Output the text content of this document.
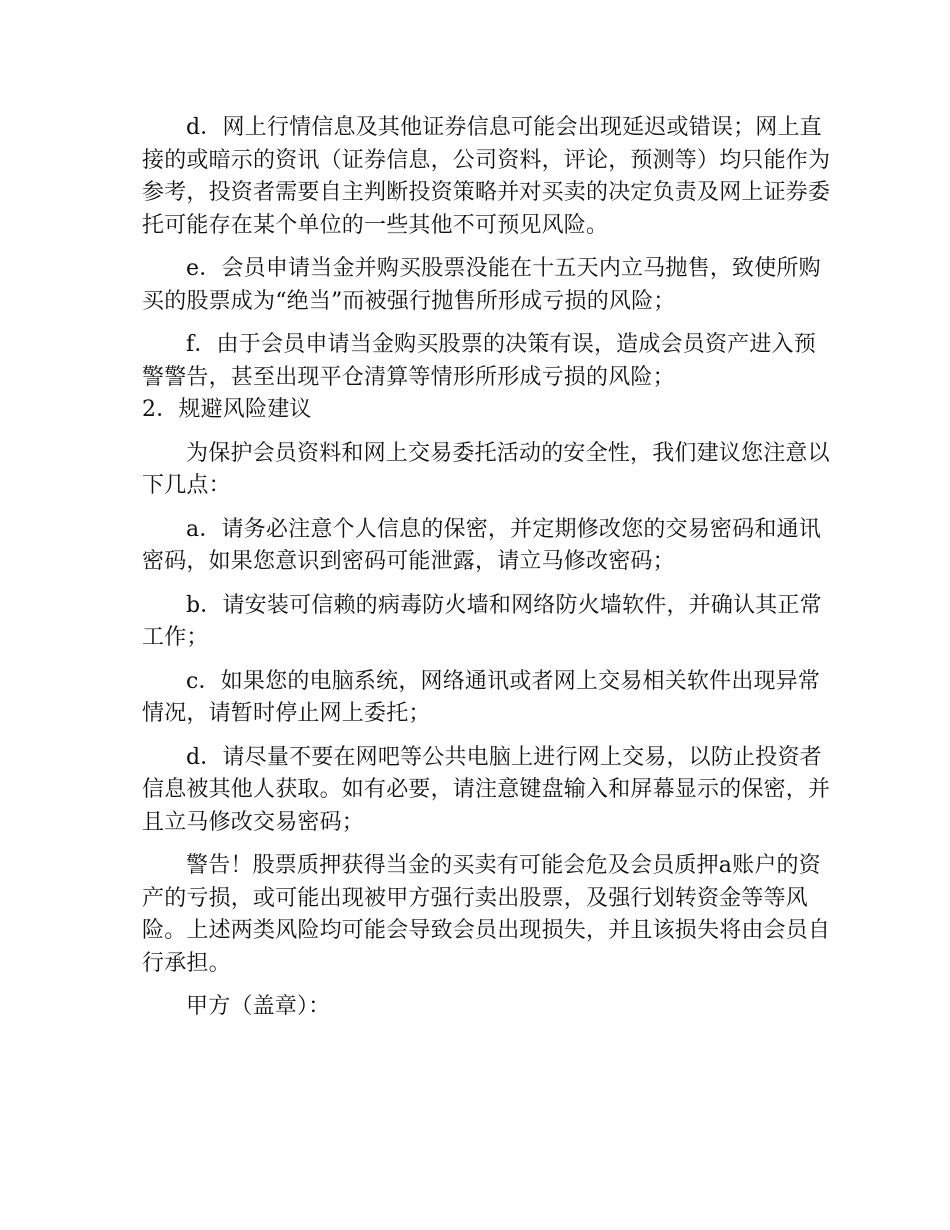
d．网上行情信息及其他证券信息可能会出现延迟或错误；网上直接的或暗示的资讯（证券信息，公司资料，评论，预测等）均只能作为参考，投资者需要自主判断投资策略并对买卖的决定负责及网上证券委托可能存在某个单位的一些其他不可预见风险。

e．会员申请当金并购买股票没能在十五天内立马抛售，致使所购买的股票成为“绝当”而被强行抛售所形成亏损的风险；

f．由于会员申请当金购买股票的决策有误，造成会员资产进入预警警告，甚至出现平仓清算等情形所形成亏损的风险；

2．规避风险建议

为保护会员资料和网上交易委托活动的安全性，我们建议您注意以下几点：

a．请务必注意个人信息的保密，并定期修改您的交易密码和通讯密码，如果您意识到密码可能泄露，请立马修改密码；

b．请安装可信赖的病毒防火墙和网络防火墙软件，并确认其正常工作；

c．如果您的电脑系统，网络通讯或者网上交易相关软件出现异常情况，请暂时停止网上委托；

d．请尽量不要在网吧等公共电脑上进行网上交易，以防止投资者信息被其他人获取。如有必要，请注意键盘输入和屏幕显示的保密，并且立马修改交易密码；

警告！股票质押获得当金的买卖有可能会危及会员质押a账户的资产的亏损，或可能出现被甲方强行卖出股票，及强行划转资金等等风险。上述两类风险均可能会导致会员出现损失，并且该损失将由会员自行承担。

甲方（盖章）：
